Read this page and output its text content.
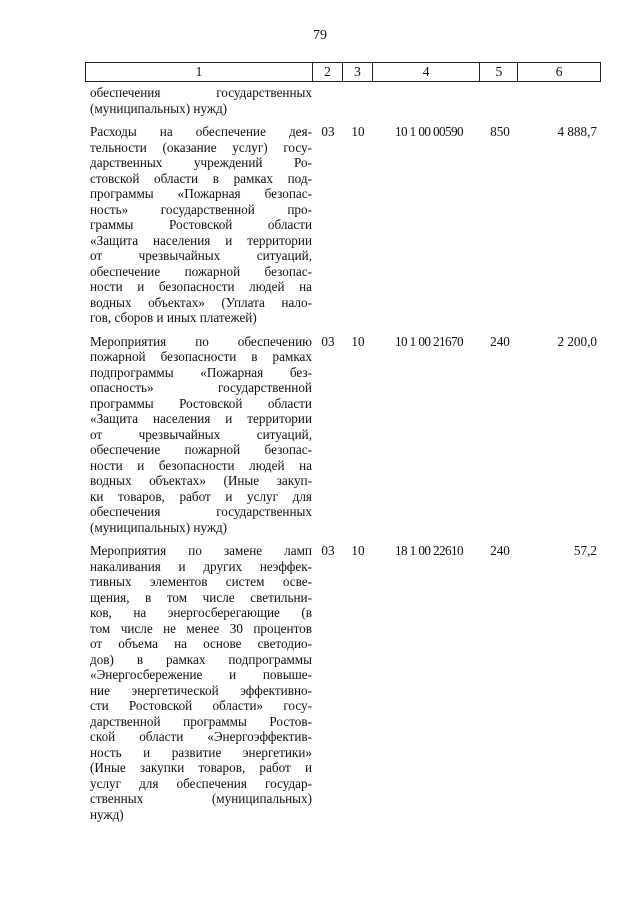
79
1	2	3	4	5	6
обеспечения государственных
(муниципальных) нужд)
Расходы на обеспечение дея-
тельности (оказание услуг) госу-
дарственных учреждений Ро-
стовской области в рамках под-
программы «Пожарная безопас-
ность» государственной про-
граммы Ростовской области
«Защита населения и территории
от чрезвычайных ситуаций,
обеспечение пожарной безопас-
ности и безопасности людей на
водных объектах» (Уплата нало-
гов, сборов и иных платежей)
03	10	10 1 00 00590	850	4 888,7
Мероприятия по обеспечению
пожарной безопасности в рамках
подпрограммы «Пожарная без-
опасность» государственной
программы Ростовской области
«Защита населения и территории
от чрезвычайных ситуаций,
обеспечение пожарной безопас-
ности и безопасности людей на
водных объектах» (Иные закуп-
ки товаров, работ и услуг для
обеспечения государственных
(муниципальных) нужд)
03	10	10 1 00 21670	240	2 200,0
Мероприятия по замене ламп
накаливания и других неэффек-
тивных элементов систем осве-
щения, в том числе светильни-
ков, на энергосберегающие (в
том числе не менее 30 процентов
от объема на основе светодио-
дов) в рамках подпрограммы
«Энергосбережение и повыше-
ние энергетической эффективно-
сти Ростовской области» госу-
дарственной программы Ростов-
ской области «Энергоэффектив-
ность и развитие энергетики»
(Иные закупки товаров, работ и
услуг для обеспечения государ-
ственных (муниципальных)
нужд)
03	10	18 1 00 22610	240	57,2
